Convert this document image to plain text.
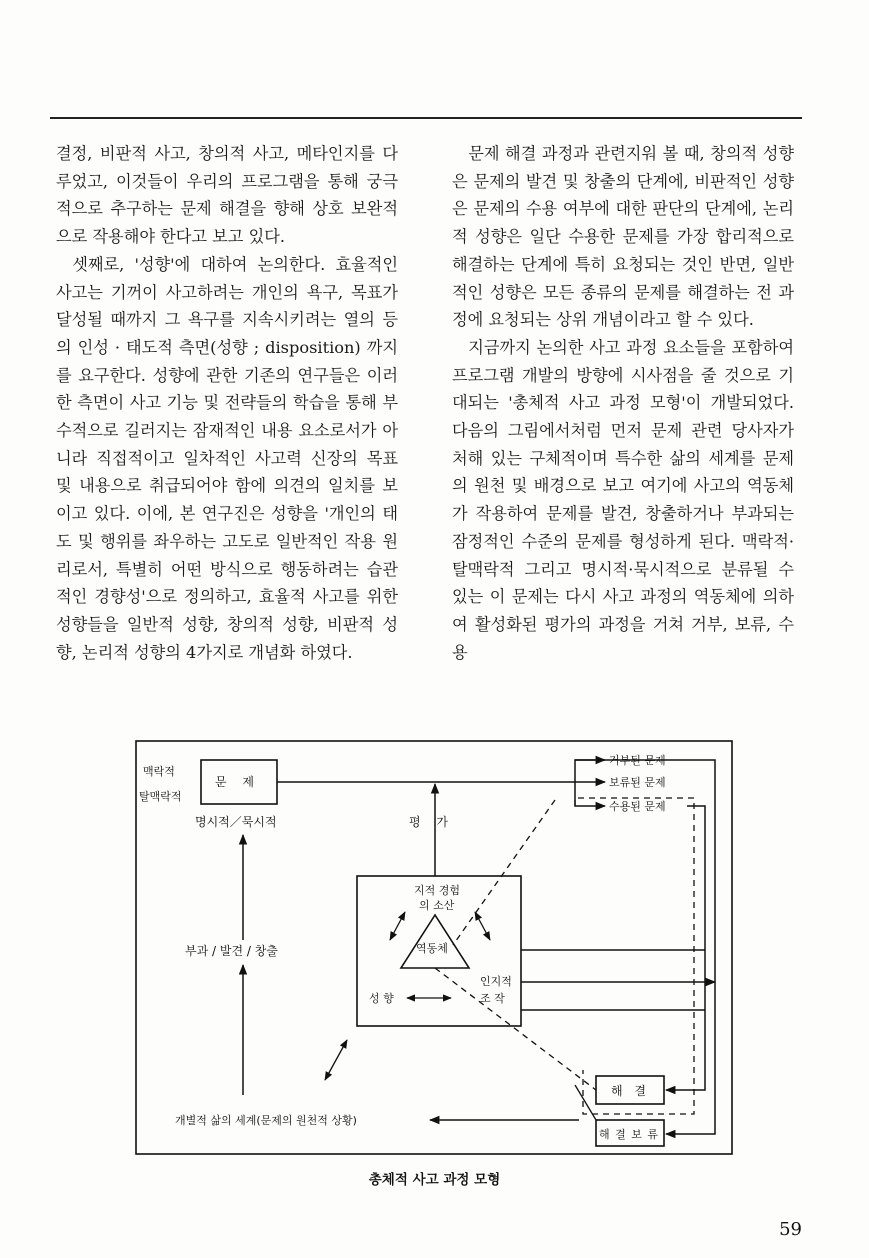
결정, 비판적 사고, 창의적 사고, 메타인지를 다루었고, 이것들이 우리의 프로그램을 통해 궁극적으로 추구하는 문제 해결을 향해 상호 보완적으로 작용해야 한다고 보고 있다.

셋째로, '성향'에 대하여 논의한다. 효율적인 사고는 기꺼이 사고하려는 개인의 욕구, 목표가 달성될 때까지 그 욕구를 지속시키려는 열의 등의 인성 · 태도적 측면(성향 ; disposition) 까지를 요구한다. 성향에 관한 기존의 연구들은 이러한 측면이 사고 기능 및 전략들의 학습을 통해 부수적으로 길러지는 잠재적인 내용 요소로서가 아니라 직접적이고 일차적인 사고력 신장의 목표 및 내용으로 취급되어야 함에 의견의 일치를 보이고 있다. 이에, 본 연구진은 성향을 '개인의 태도 및 행위를 좌우하는 고도로 일반적인 작용 원리로서, 특별히 어떤 방식으로 행동하려는 습관적인 경향성'으로 정의하고, 효율적 사고를 위한 성향들을 일반적 성향, 창의적 성향, 비판적 성향, 논리적 성향의 4가지로 개념화 하였다.

문제 해결 과정과 관련지워 볼 때, 창의적 성향은 문제의 발견 및 창출의 단계에, 비판적인 성향은 문제의 수용 여부에 대한 판단의 단계에, 논리적 성향은 일단 수용한 문제를 가장 합리적으로 해결하는 단계에 특히 요청되는 것인 반면, 일반적인 성향은 모든 종류의 문제를 해결하는 전 과정에 요청되는 상위 개념이라고 할 수 있다.

지금까지 논의한 사고 과정 요소들을 포함하여 프로그램 개발의 방향에 시사점을 줄 것으로 기대되는 '총체적 사고 과정 모형'이 개발되었다. 다음의 그림에서처럼 먼저 문제 관련 당사자가 처해 있는 구체적이며 특수한 삶의 세계를 문제의 원천 및 배경으로 보고 여기에 사고의 역동체가 작용하여 문제를 발견, 창출하거나 부과되는 잠정적인 수준의 문제를 형성하게 된다. 맥락적·탈맥락적 그리고 명시적·묵시적으로 분류될 수 있는 이 문제는 다시 사고 과정의 역동체에 의하여 활성화된 평가의 과정을 거쳐 거부, 보류, 수용

맥락적
탈맥락적
문 제
명시적／묵시적
거부된 문제
보류된 문제
수용된 문제
평 가
지적 경험
의 소산
역동체
성 향
인지적
조 작
부과 / 발견 / 창출
개별적 삶의 세계(문제의 원천적 상황)
해 결
해 결 보 류
총체적 사고 과정 모형
59
